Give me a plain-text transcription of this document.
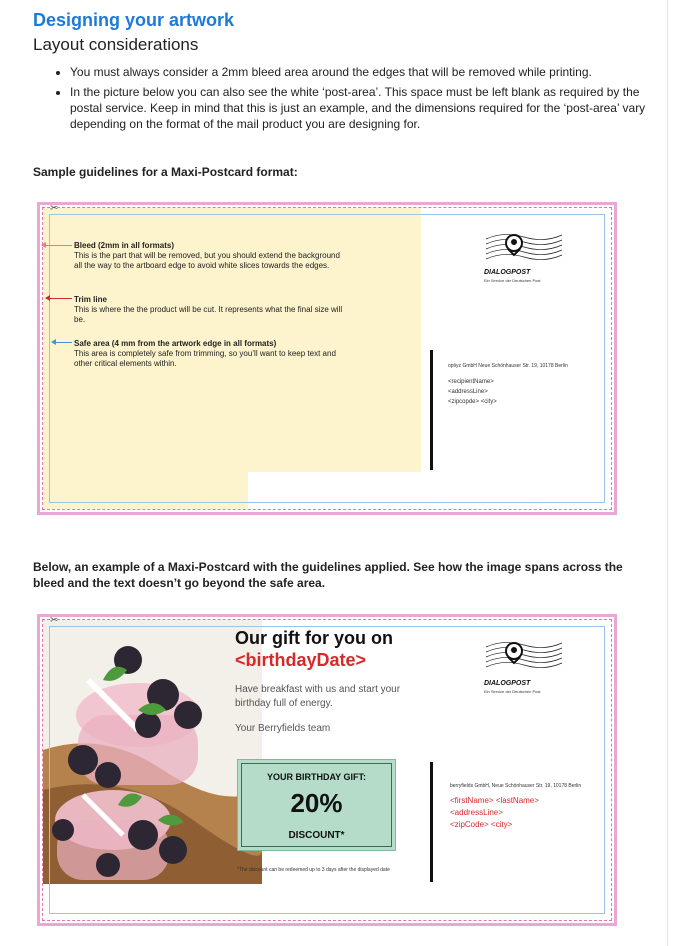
Designing your artwork
Layout considerations
• You must always consider a 2mm bleed area around the edges that will be removed while printing.
• In the picture below you can also see the white ‘post-area’. This space must be left blank as required by the postal service. Keep in mind that this is just an example, and the dimensions required for the ‘post-area’ vary depending on the format of the mail product you are designing for.
Sample guidelines for a Maxi-Postcard format:
✂
Bleed (2mm in all formats)
This is the part that will be removed, but you should extend the background all the way to the artboard edge to avoid white slices towards the edges.
Trim line
This is where the the product will be cut. It represents what the final size will be.
Safe area (4 mm from the artwork edge in all formats)
This area is completely safe from trimming, so you’ll want to keep text and other critical elements within.
DIALOGPOST
Ein Service der Deutschen Post
optiyz GmbH Neue Schönhauser Str. 19, 10178 Berlin
<recipientName>
<addressLine>
<zipcopde> <city>
Below, an example of a Maxi-Postcard with the guidelines applied. See how the image spans across the bleed and the text doesn’t go beyond the safe area.
✂
Our gift for you on
<birthdayDate>
Have breakfast with us and start your birthday full of energy.
Your Berryfields team
YOUR BIRTHDAY GIFT:
20%
DISCOUNT*
*The discount can be redeemed up to 3 days after the displayed date
DIALOGPOST
Ein Service der Deutschen Post
berryfields GmbH, Neue Schönhauser Str. 19, 10178 Berlin
<firstName> <lastName>
<addressLine>
<zipCode> <city>
